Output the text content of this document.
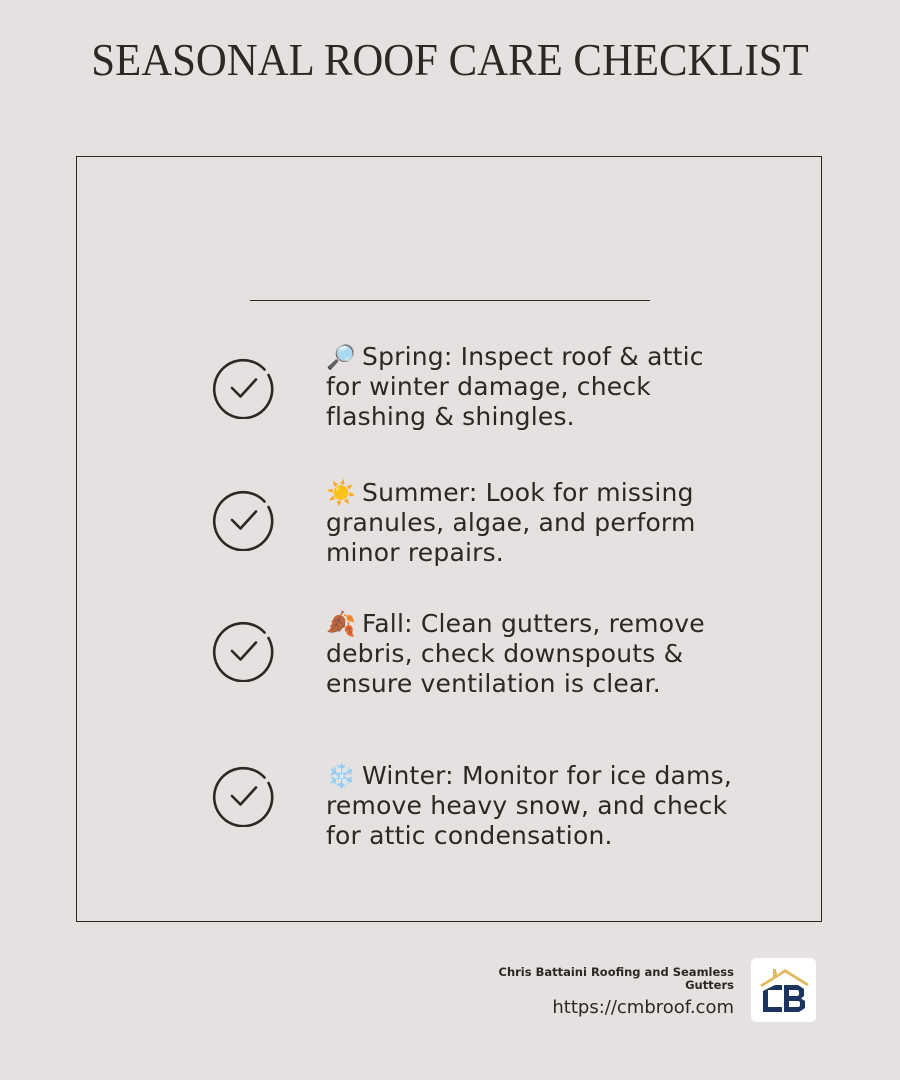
SEASONAL ROOF CARE CHECKLIST
🔎 Spring: Inspect roof & attic for winter damage, check flashing & shingles.
☀️ Summer: Look for missing granules, algae, and perform minor repairs.
🍂 Fall: Clean gutters, remove debris, check downspouts & ensure ventilation is clear.
❄️ Winter: Monitor for ice dams, remove heavy snow, and check for attic condensation.
Chris Battaini Roofing and Seamless Gutters
https://cmbroof.com
